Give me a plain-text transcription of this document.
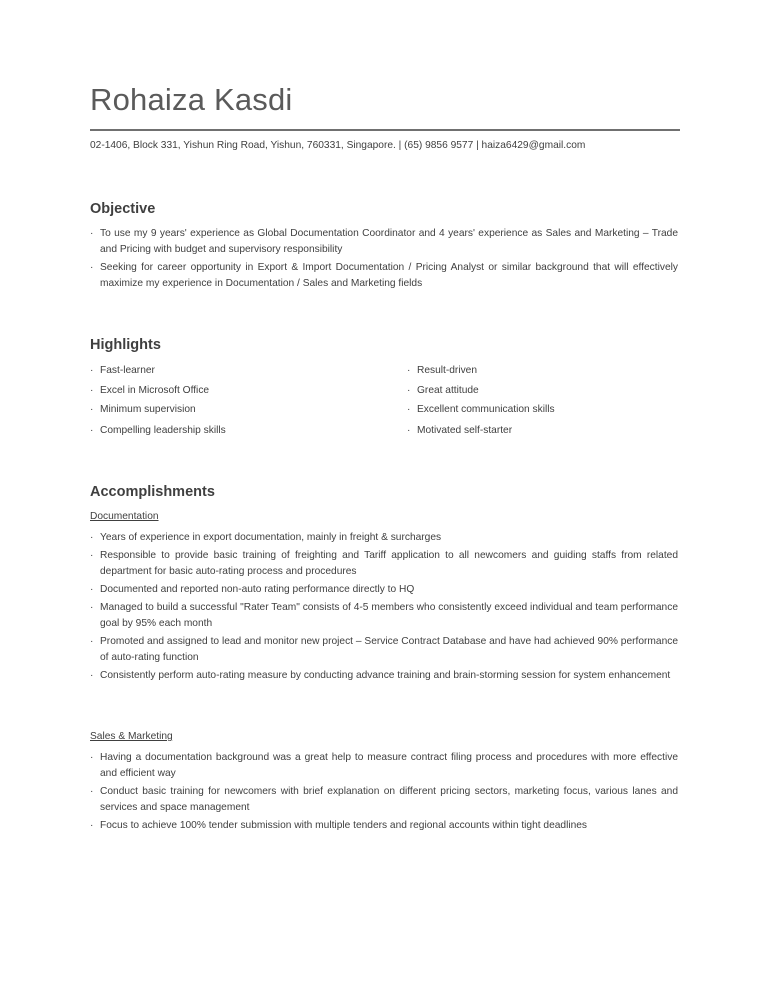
Rohaiza Kasdi
02-1406, Block 331, Yishun Ring Road, Yishun, 760331, Singapore. | (65) 9856 9577 | haiza6429@gmail.com
Objective
· To use my 9 years' experience as Global Documentation Coordinator and 4 years' experience as Sales and Marketing – Trade and Pricing with budget and supervisory responsibility
· Seeking for career opportunity in Export & Import Documentation / Pricing Analyst or similar background that will effectively maximize my experience in Documentation / Sales and Marketing fields
Highlights
· Fast-learner
· Excel in Microsoft Office
· Minimum supervision
· Compelling leadership skills
· Result-driven
· Great attitude
· Excellent communication skills
· Motivated self-starter
Accomplishments
Documentation
· Years of experience in export documentation, mainly in freight & surcharges
· Responsible to provide basic training of freighting and Tariff application to all newcomers and guiding staffs from related department for basic auto-rating process and procedures
· Documented and reported non-auto rating performance directly to HQ
· Managed to build a successful "Rater Team" consists of 4-5 members who consistently exceed individual and team performance goal by 95% each month
· Promoted and assigned to lead and monitor new project – Service Contract Database and have had achieved 90% performance of auto-rating function
· Consistently perform auto-rating measure by conducting advance training and brain-storming session for system enhancement
Sales & Marketing
· Having a documentation background was a great help to measure contract filing process and procedures with more effective and efficient way
· Conduct basic training for newcomers with brief explanation on different pricing sectors, marketing focus, various lanes and services and space management
· Focus to achieve 100% tender submission with multiple tenders and regional accounts within tight deadlines
